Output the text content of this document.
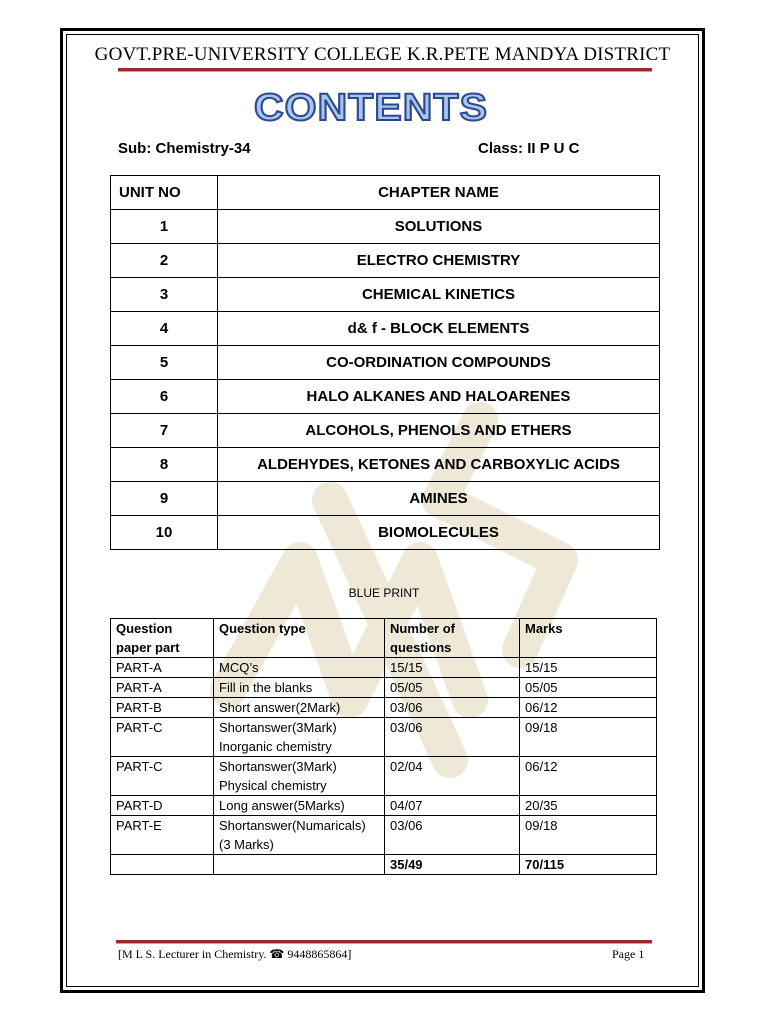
GOVT.PRE-UNIVERSITY COLLEGE K.R.PETE MANDYA DISTRICT
CONTENTS
Sub: Chemistry-34	Class: II P U C
UNIT NO	CHAPTER NAME
1	SOLUTIONS
2	ELECTRO CHEMISTRY
3	CHEMICAL KINETICS
4	d& f - BLOCK ELEMENTS
5	CO-ORDINATION COMPOUNDS
6	HALO ALKANES AND HALOARENES
7	ALCOHOLS, PHENOLS AND ETHERS
8	ALDEHYDES, KETONES AND CARBOXYLIC ACIDS
9	AMINES
10	BIOMOLECULES
BLUE PRINT
Question paper part	Question type	Number of questions	Marks
PART-A	MCQ’s	15/15	15/15
PART-A	Fill in the blanks	05/05	05/05
PART-B	Short answer(2Mark)	03/06	06/12
PART-C	Shortanswer(3Mark) Inorganic chemistry	03/06	09/18
PART-C	Shortanswer(3Mark) Physical chemistry	02/04	06/12
PART-D	Long answer(5Marks)	04/07	20/35
PART-E	Shortanswer(Numaricals) (3 Marks)	03/06	09/18
		35/49	70/115
[M L S. Lecturer in Chemistry. ☎ 9448865864]	Page 1
